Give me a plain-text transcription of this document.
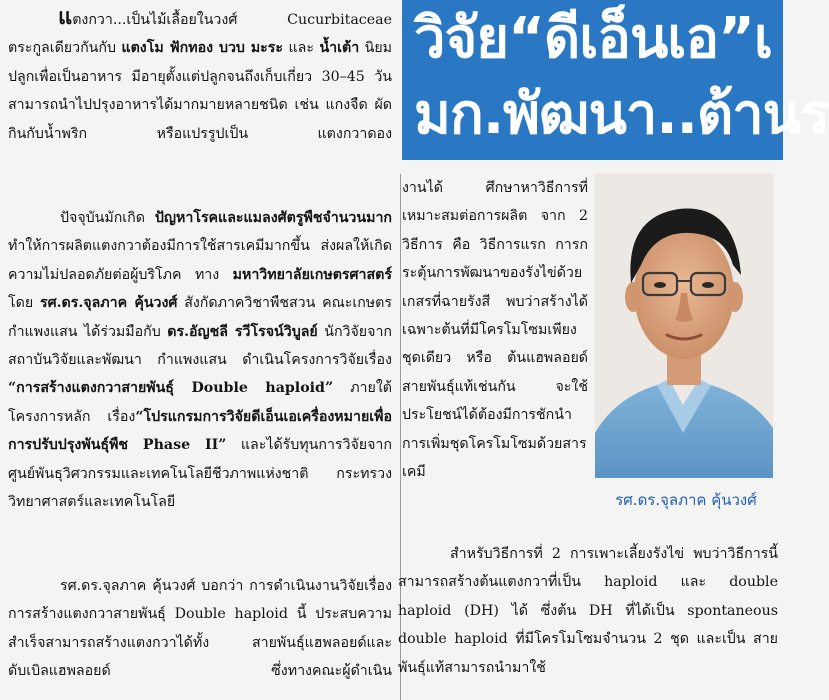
วิจัย“ดีเอ็นเอ”เ
มก.พัฒนา..ต้านร

แตงกวา...เป็นไม้เลื้อยในวงศ์ Cucurbitaceae ตระกูลเดียวกันกับ แตงโม ฟักทอง บวบ มะระ และ น้ำเต้า นิยมปลูกเพื่อเป็นอาหาร มีอายุตั้งแต่ปลูกจนถึงเก็บเกี่ยว 30–45 วัน สามารถนำไปปรุงอาหารได้มากมายหลายชนิด เช่น แกงจืด ผัด กินกับน้ำพริก หรือแปรรูปเป็น แตงกวาดอง

ปัจจุบันมักเกิด ปัญหาโรคและแมลงศัตรูพืชจำนวนมาก ทำให้การผลิตแตงกวาต้องมีการใช้สารเคมีมากขึ้น ส่งผลให้เกิดความไม่ปลอดภัยต่อผู้บริโภค ทาง มหาวิทยาลัยเกษตรศาสตร์ โดย รศ.ดร.จุลภาค คุ้นวงศ์ สังกัดภาควิชาพืชสวน คณะเกษตรกำแพงแสน ได้ร่วมมือกับ ดร.อัญชลี รวีโรจน์วิบูลย์ นักวิจัยจากสถาบันวิจัยและพัฒนา กำแพงแสน ดำเนินโครงการวิจัยเรื่อง “การสร้างแตงกวาสายพันธุ์ Double haploid” ภายใต้โครงการหลัก เรื่อง“โปรแกรมการวิจัยดีเอ็นเอเครื่องหมายเพื่อการปรับปรุงพันธุ์พืช Phase II” และได้รับทุนการวิจัยจาก ศูนย์พันธุวิศวกรรมและเทคโนโลยีชีวภาพแห่งชาติ กระทรวงวิทยาศาสตร์และเทคโนโลยี

รศ.ดร.จุลภาค คุ้นวงศ์ บอกว่า การดำเนินงานวิจัยเรื่องการสร้างแตงกวาสายพันธุ์ Double haploid นี้ ประสบความสำเร็จสามารถสร้างแตงกวาได้ทั้ง สายพันธุ์แฮพลอยด์และดับเบิลแฮพลอยด์ ซึ่งทางคณะผู้ดำเนิน

งานได้ ศึกษาหาวิธีการที่เหมาะสมต่อการผลิต จาก 2 วิธีการ คือ วิธีการแรก การกระตุ้นการพัฒนาของรังไข่ด้วยเกสรที่ฉายรังสี พบว่าสร้างได้เฉพาะต้นที่มีโครโมโซมเพียงชุดเดียว หรือ ต้นแฮพลอยด์สายพันธุ์แท้เช่นกัน จะใช้ประโยชน์ได้ต้องมีการชักนำการเพิ่มชุดโครโมโซมด้วยสารเคมี

รศ.ดร.จุลภาค คุ้นวงศ์

สำหรับวิธีการที่ 2 การเพาะเลี้ยงรังไข่ พบว่าวิธีการนี้สามารถสร้างต้นแตงกวาที่เป็น haploid และ double haploid (DH) ได้ ซึ่งต้น DH ที่ได้เป็น spontaneous double haploid ที่มีโครโมโซมจำนวน 2 ชุด และเป็น สายพันธุ์แท้สามารถนำมาใช้
